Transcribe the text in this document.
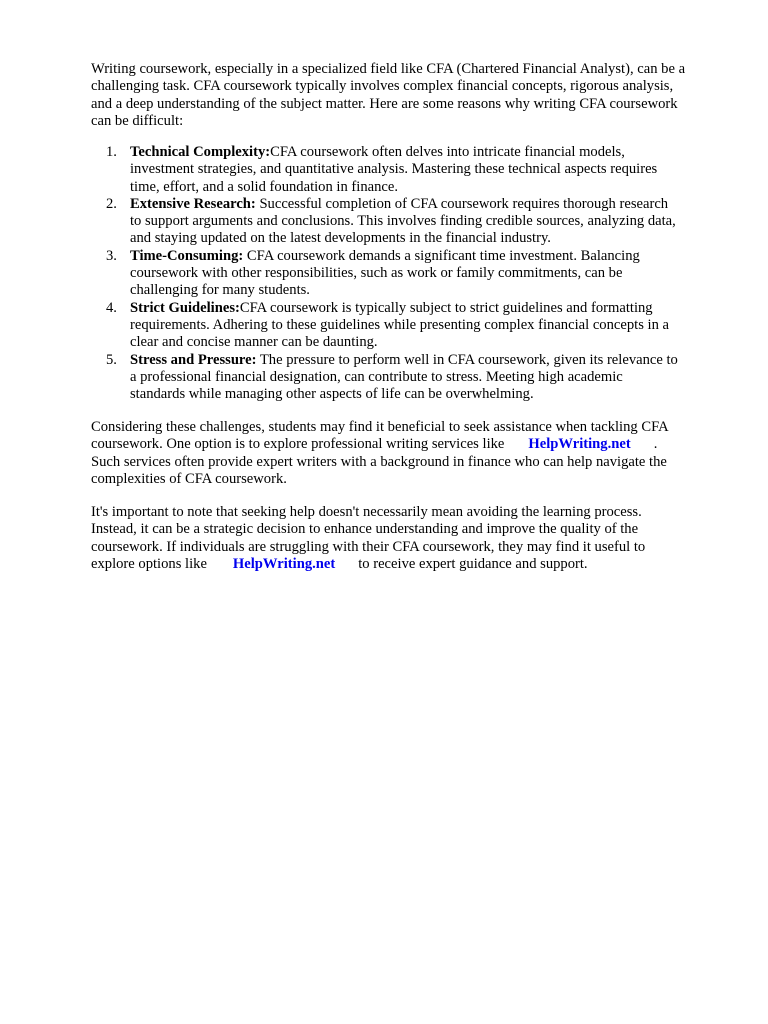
Writing coursework, especially in a specialized field like CFA (Chartered Financial Analyst), can be a
challenging task. CFA coursework typically involves complex financial concepts, rigorous analysis,
and a deep understanding of the subject matter. Here are some reasons why writing CFA coursework
can be difficult:

1. Technical Complexity:CFA coursework often delves into intricate financial models,
investment strategies, and quantitative analysis. Mastering these technical aspects requires
time, effort, and a solid foundation in finance.
2. Extensive Research: Successful completion of CFA coursework requires thorough research
to support arguments and conclusions. This involves finding credible sources, analyzing data,
and staying updated on the latest developments in the financial industry.
3. Time-Consuming: CFA coursework demands a significant time investment. Balancing
coursework with other responsibilities, such as work or family commitments, can be
challenging for many students.
4. Strict Guidelines:CFA coursework is typically subject to strict guidelines and formatting
requirements. Adhering to these guidelines while presenting complex financial concepts in a
clear and concise manner can be daunting.
5. Stress and Pressure: The pressure to perform well in CFA coursework, given its relevance to
a professional financial designation, can contribute to stress. Meeting high academic
standards while managing other aspects of life can be overwhelming.

Considering these challenges, students may find it beneficial to seek assistance when tackling CFA
coursework. One option is to explore professional writing services like HelpWriting.net .
Such services often provide expert writers with a background in finance who can help navigate the
complexities of CFA coursework.

It's important to note that seeking help doesn't necessarily mean avoiding the learning process.
Instead, it can be a strategic decision to enhance understanding and improve the quality of the
coursework. If individuals are struggling with their CFA coursework, they may find it useful to
explore options like HelpWriting.net to receive expert guidance and support.
